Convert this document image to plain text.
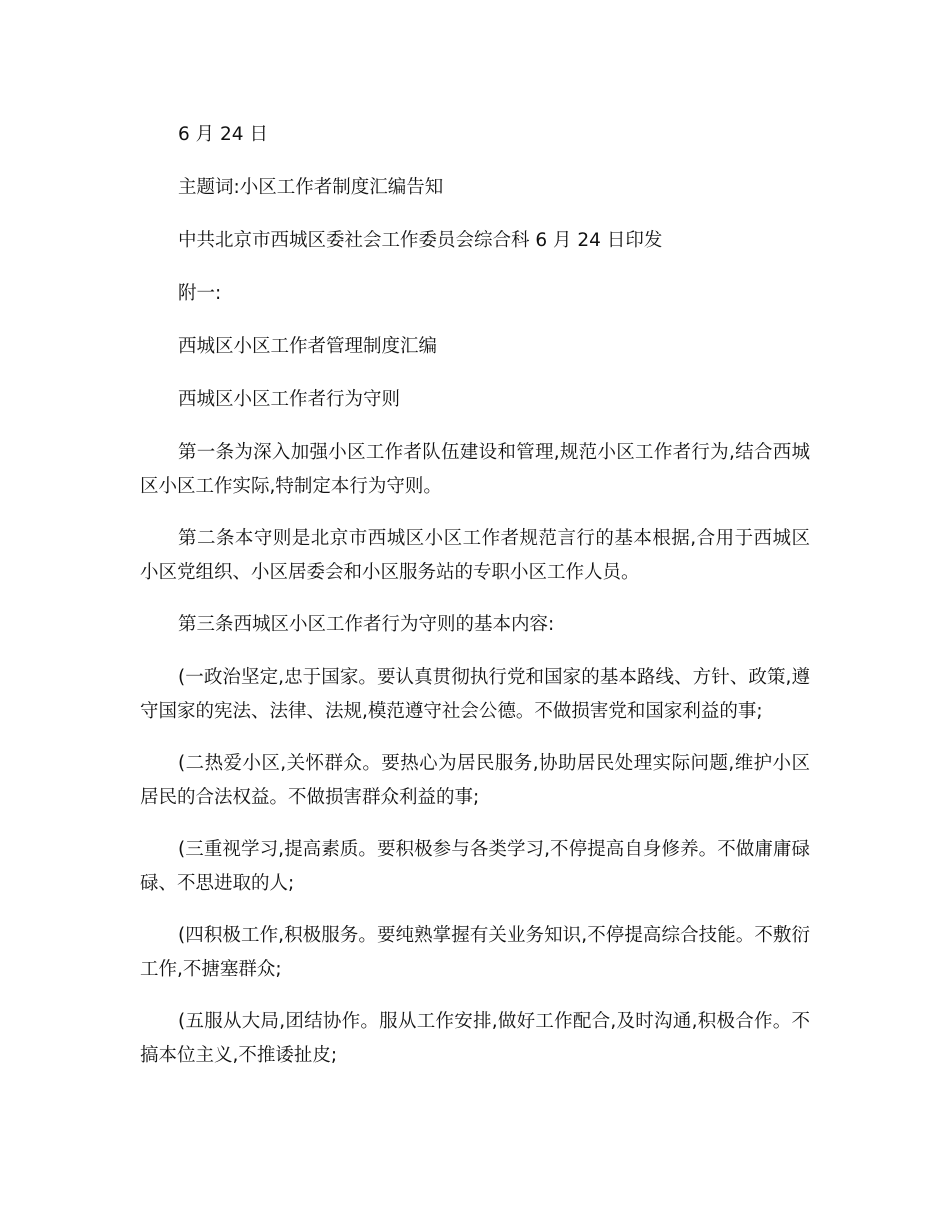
6 月 24 日

主题词:小区工作者制度汇编告知

中共北京市西城区委社会工作委员会综合科 6 月 24 日印发

附一:

西城区小区工作者管理制度汇编

西城区小区工作者行为守则

第一条为深入加强小区工作者队伍建设和管理,规范小区工作者行为,结合西城区小区工作实际,特制定本行为守则。

第二条本守则是北京市西城区小区工作者规范言行的基本根据,合用于西城区小区党组织、小区居委会和小区服务站的专职小区工作人员。

第三条西城区小区工作者行为守则的基本内容:

(一政治坚定,忠于国家。要认真贯彻执行党和国家的基本路线、方针、政策,遵守国家的宪法、法律、法规,模范遵守社会公德。不做损害党和国家利益的事;

(二热爱小区,关怀群众。要热心为居民服务,协助居民处理实际问题,维护小区居民的合法权益。不做损害群众利益的事;

(三重视学习,提高素质。要积极参与各类学习,不停提高自身修养。不做庸庸碌碌、不思进取的人;

(四积极工作,积极服务。要纯熟掌握有关业务知识,不停提高综合技能。不敷衍工作,不搪塞群众;

(五服从大局,团结协作。服从工作安排,做好工作配合,及时沟通,积极合作。不搞本位主义,不推诿扯皮;
